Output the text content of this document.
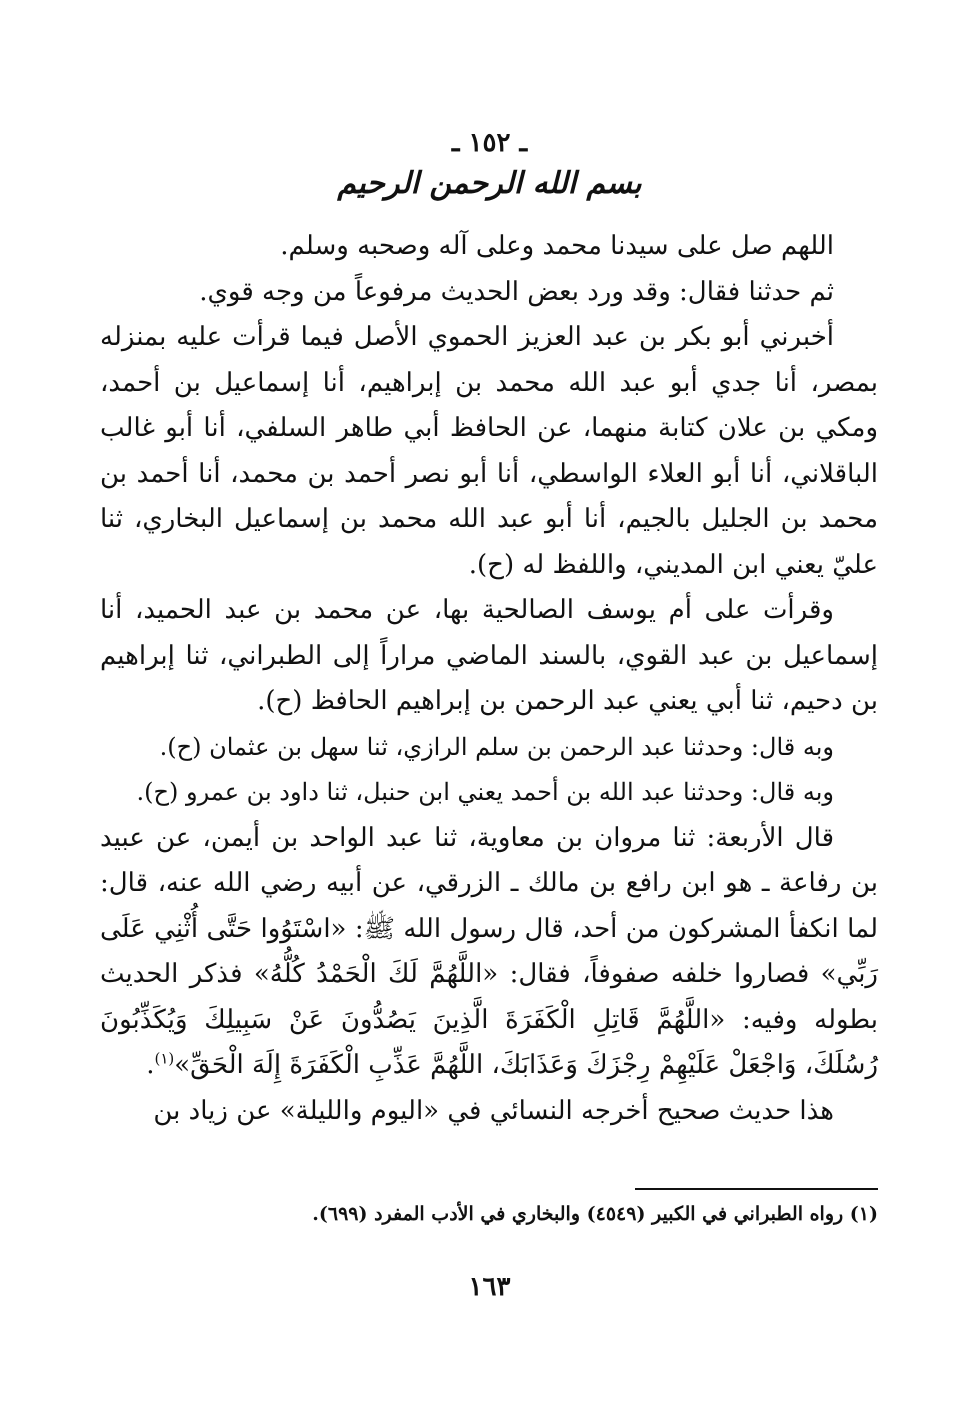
ـ ١٥٢ ـ
بسم الله الرحمن الرحيم

اللهم صل على سيدنا محمد وعلى آله وصحبه وسلم.

ثم حدثنا فقال: وقد ورد بعض الحديث مرفوعاً من وجه قوي.

أخبرني أبو بكر بن عبد العزيز الحموي الأصل فيما قرأت عليه بمنزله بمصر، أنا جدي أبو عبد الله محمد بن إبراهيم، أنا إسماعيل بن أحمد، ومكي بن علان كتابة منهما، عن الحافظ أبي طاهر السلفي، أنا أبو غالب الباقلاني، أنا أبو العلاء الواسطي، أنا أبو نصر أحمد بن محمد، أنا أحمد بن محمد بن الجليل بالجيم، أنا أبو عبد الله محمد بن إسماعيل البخاري، ثنا عليّ يعني ابن المديني، واللفظ له (ح).

وقرأت على أم يوسف الصالحية بها، عن محمد بن عبد الحميد، أنا إسماعيل بن عبد القوي، بالسند الماضي مراراً إلى الطبراني، ثنا إبراهيم بن دحيم، ثنا أبي يعني عبد الرحمن بن إبراهيم الحافظ (ح).

وبه قال: وحدثنا عبد الرحمن بن سلم الرازي، ثنا سهل بن عثمان (ح).

وبه قال: وحدثنا عبد الله بن أحمد يعني ابن حنبل، ثنا داود بن عمرو (ح).

قال الأربعة: ثنا مروان بن معاوية، ثنا عبد الواحد بن أيمن، عن عبيد بن رفاعة ـ هو ابن رافع بن مالك ـ الزرقي، عن أبيه رضي الله عنه، قال: لما انكفأ المشركون من أحد، قال رسول الله ﷺ: «اسْتَوُوا حَتَّى أُثْنِي عَلَى رَبِّي» فصاروا خلفه صفوفاً، فقال: «اللَّهُمَّ لَكَ الْحَمْدُ كُلُّهُ» فذكر الحديث بطوله وفيه: «اللَّهُمَّ قَاتِلِ الْكَفَرَةَ الَّذِينَ يَصُدُّونَ عَنْ سَبِيلِكَ وَيُكَذِّبُونَ رُسُلَكَ، وَاجْعَلْ عَلَيْهِمْ رِجْزَكَ وَعَذَابَكَ، اللَّهُمَّ عَذِّبِ الْكَفَرَةَ إِلَهَ الْحَقِّ»$^{(١)}$.

هذا حديث صحيح أخرجه النسائي في «اليوم والليلة» عن زياد بن

(١) رواه الطبراني في الكبير (٤٥٤٩) والبخاري في الأدب المفرد (٦٩٩).
١٦٣
